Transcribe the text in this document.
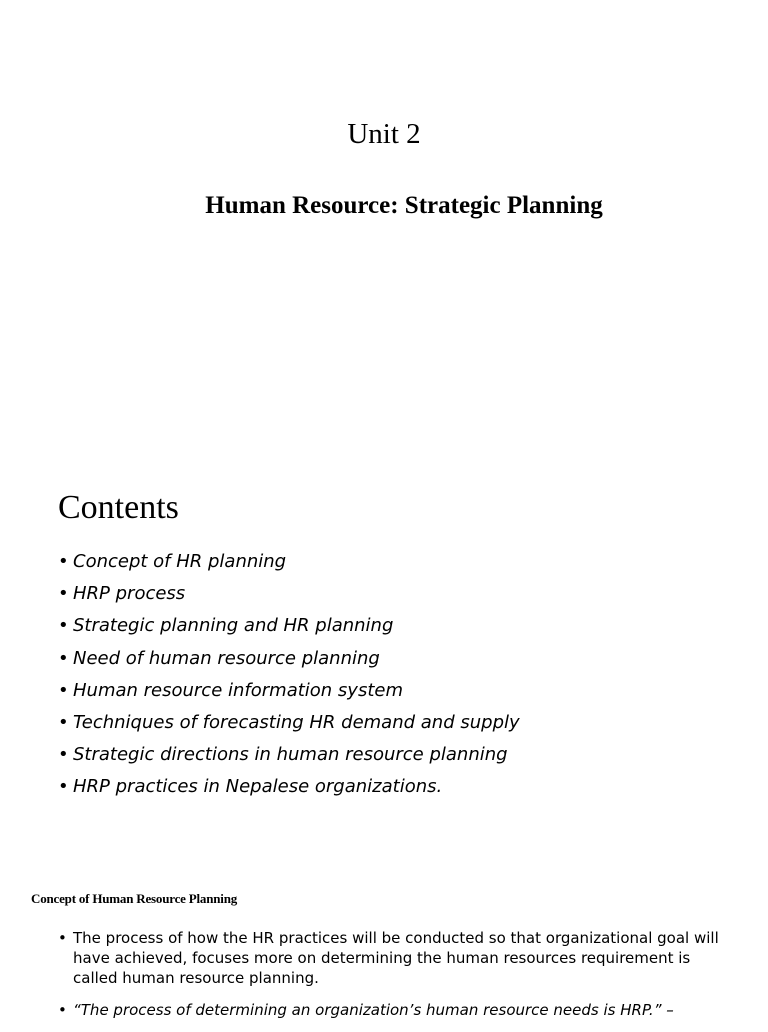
Unit 2
Human Resource: Strategic Planning
Contents
• Concept of HR planning
• HRP process
• Strategic planning and HR planning
• Need of human resource planning
• Human resource information system
• Techniques of forecasting HR demand and supply
• Strategic directions in human resource planning
• HRP practices in Nepalese organizations.
Concept of Human Resource Planning
• The process of how the HR practices will be conducted so that organizational goal will have achieved, focuses more on determining the human resources requirement is called human resource planning.
• “The process of determining an organization’s human resource needs is HRP.” –
